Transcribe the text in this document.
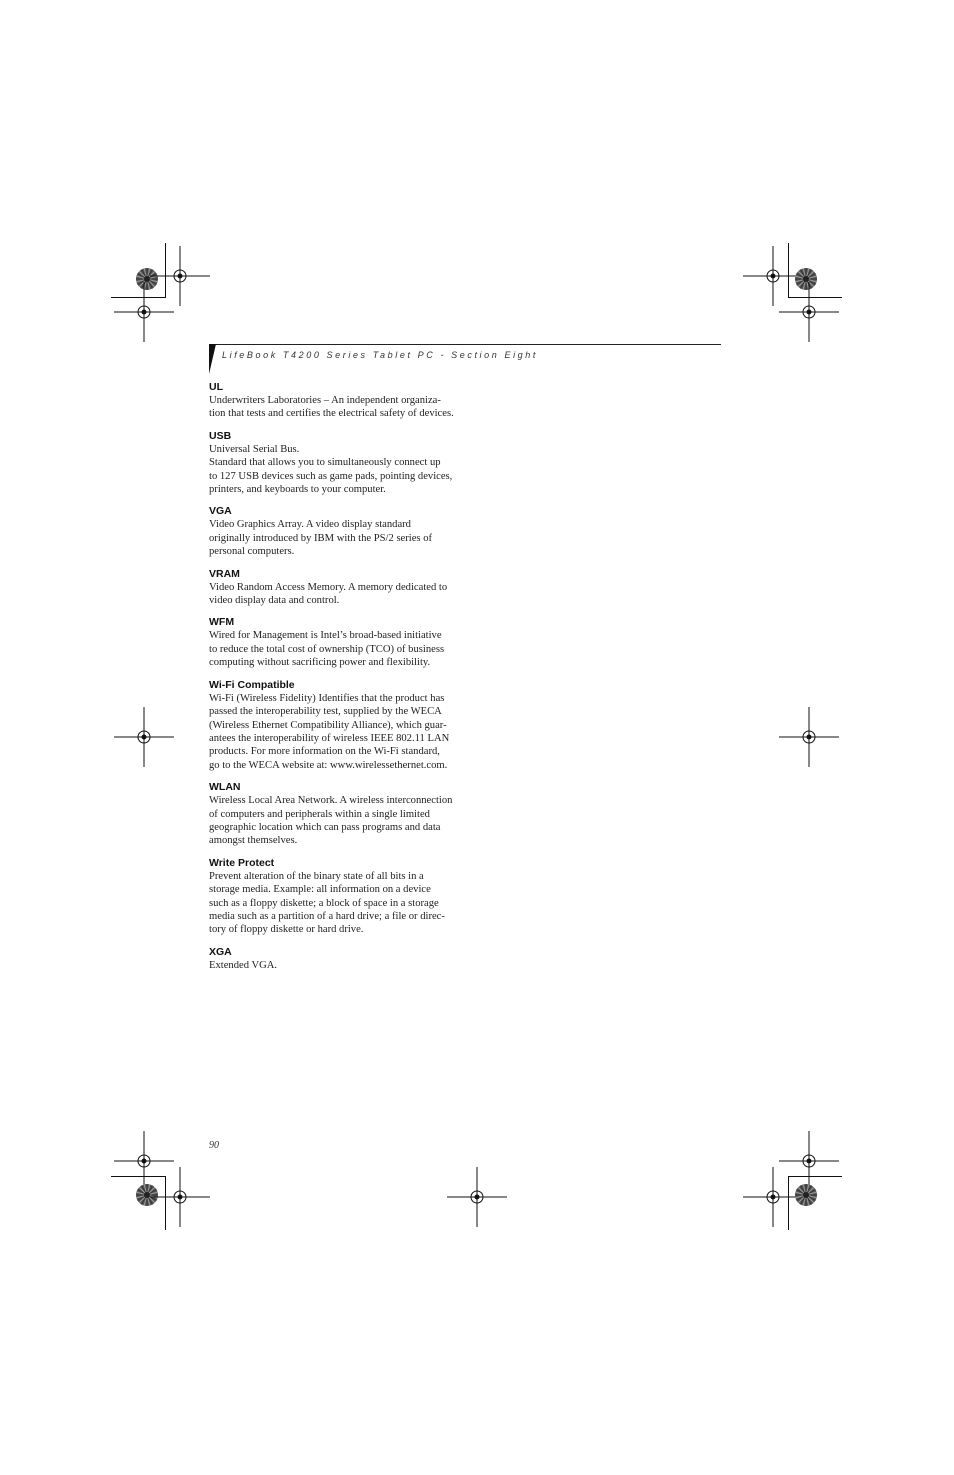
LifeBook T4200 Series Tablet PC - Section Eight
UL
Underwriters Laboratories – An independent organiza-
tion that tests and certifies the electrical safety of devices.
USB
Universal Serial Bus.
Standard that allows you to simultaneously connect up
to 127 USB devices such as game pads, pointing devices,
printers, and keyboards to your computer.
VGA
Video Graphics Array. A video display standard
originally introduced by IBM with the PS/2 series of
personal computers.
VRAM
Video Random Access Memory. A memory dedicated to
video display data and control.
WFM
Wired for Management is Intel’s broad-based initiative
to reduce the total cost of ownership (TCO) of business
computing without sacrificing power and flexibility.
Wi-Fi Compatible
Wi-Fi (Wireless Fidelity) Identifies that the product has
passed the interoperability test, supplied by the WECA
(Wireless Ethernet Compatibility Alliance), which guar-
antees the interoperability of wireless IEEE 802.11 LAN
products. For more information on the Wi-Fi standard,
go to the WECA website at: www.wirelessethernet.com.
WLAN
Wireless Local Area Network. A wireless interconnection
of computers and peripherals within a single limited
geographic location which can pass programs and data
amongst themselves.
Write Protect
Prevent alteration of the binary state of all bits in a
storage media. Example: all information on a device
such as a floppy diskette; a block of space in a storage
media such as a partition of a hard drive; a file or direc-
tory of floppy diskette or hard drive.
XGA
Extended VGA.
90
